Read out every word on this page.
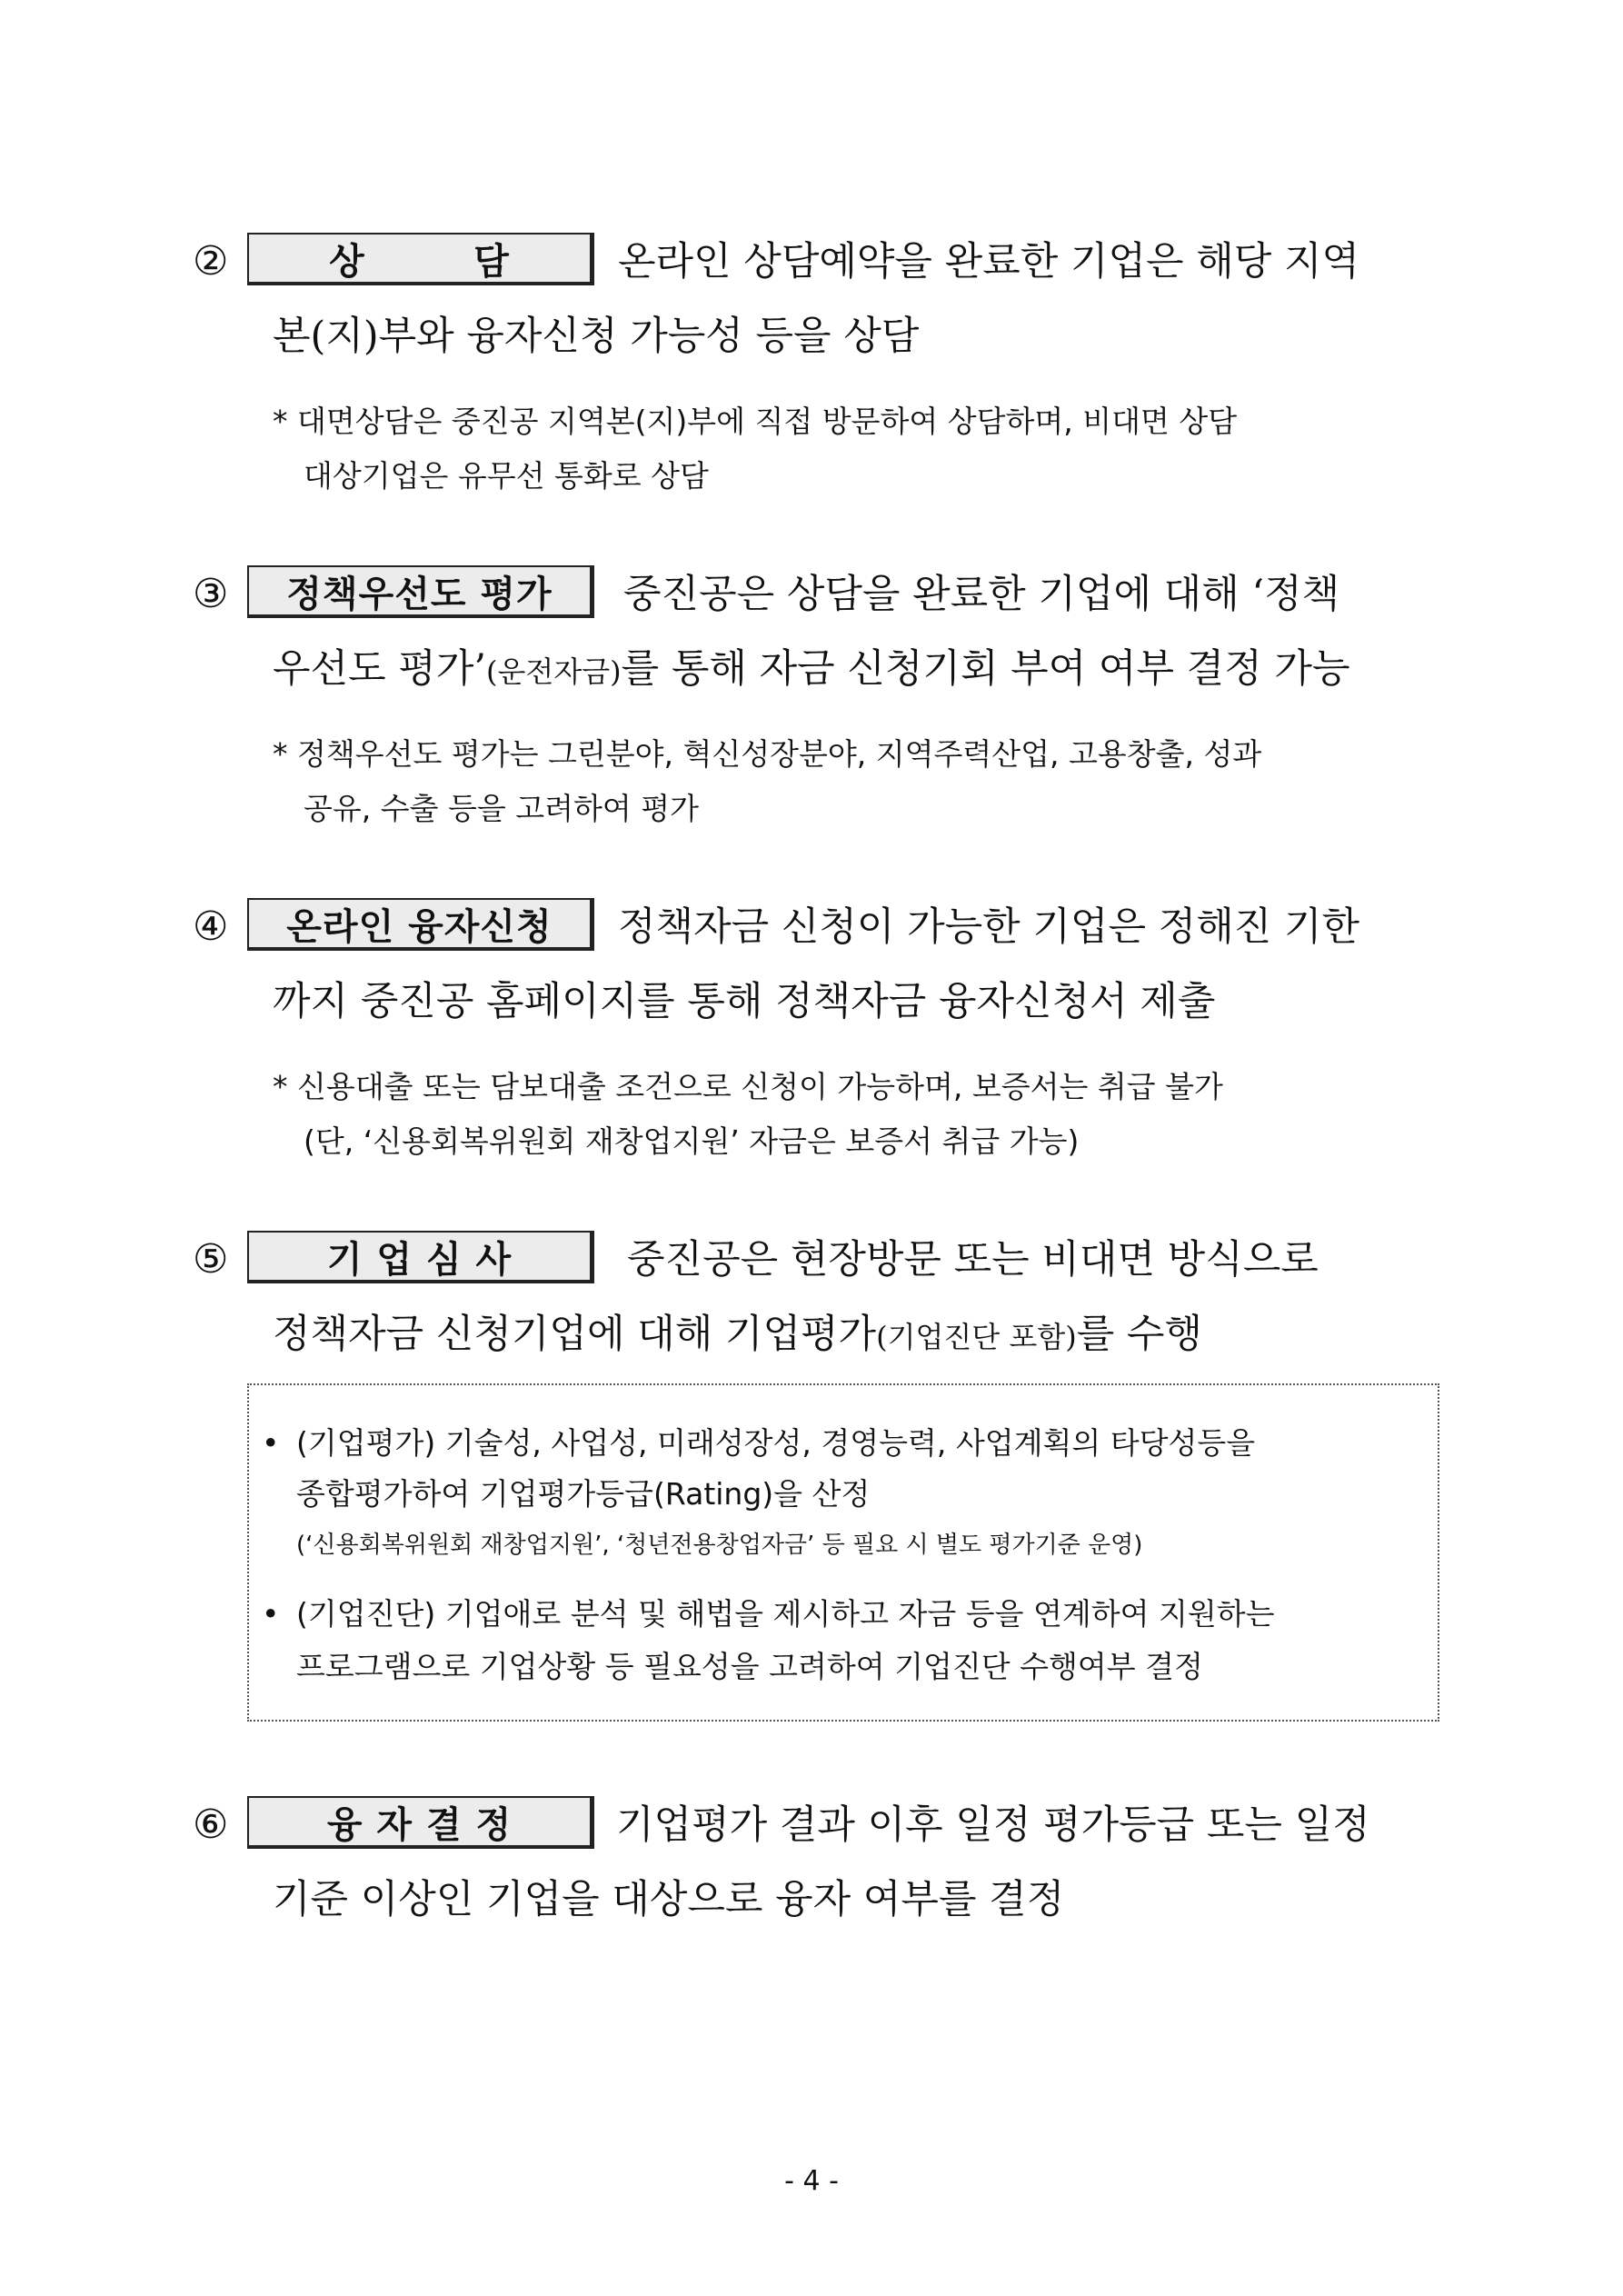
②	상        담	온라인 상담예약을 완료한 기업은 해당 지역
본(지)부와 융자신청 가능성 등을 상담
* 대면상담은 중진공 지역본(지)부에 직접 방문하여 상담하며, 비대면 상담
대상기업은 유무선 통화로 상담
③	정책우선도 평가	중진공은 상담을 완료한 기업에 대해 ‘정책
우선도 평가’(운전자금)를 통해 자금 신청기회 부여 여부 결정 가능
* 정책우선도 평가는 그린분야, 혁신성장분야, 지역주력산업, 고용창출, 성과
공유, 수출 등을 고려하여 평가
④	온라인 융자신청	정책자금 신청이 가능한 기업은 정해진 기한
까지 중진공 홈페이지를 통해 정책자금 융자신청서 제출
* 신용대출 또는 담보대출 조건으로 신청이 가능하며, 보증서는 취급 불가
(단, ‘신용회복위원회 재창업지원’ 자금은 보증서 취급 가능)
⑤	기 업 심 사	중진공은 현장방문 또는 비대면 방식으로
정책자금 신청기업에 대해 기업평가(기업진단 포함)를 수행
• (기업평가) 기술성, 사업성, 미래성장성, 경영능력, 사업계획의 타당성등을
종합평가하여 기업평가등급(Rating)을 산정
(‘신용회복위원회 재창업지원’, ‘청년전용창업자금’ 등 필요 시 별도 평가기준 운영)
• (기업진단) 기업애로 분석 및 해법을 제시하고 자금 등을 연계하여 지원하는
프로그램으로 기업상황 등 필요성을 고려하여 기업진단 수행여부 결정
⑥	융 자 결 정	기업평가 결과 이후 일정 평가등급 또는 일정
기준 이상인 기업을 대상으로 융자 여부를 결정
- 4 -
